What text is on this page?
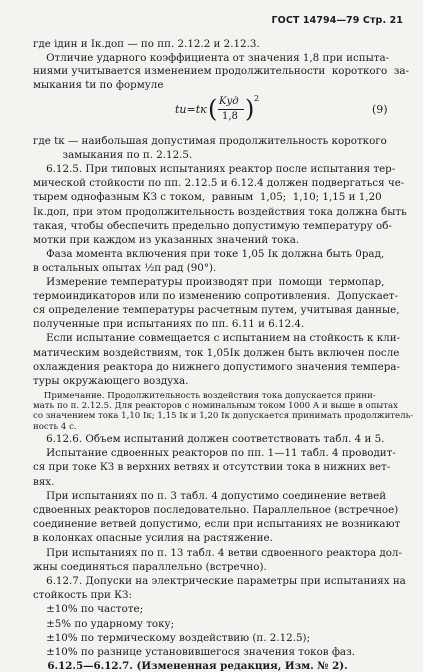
ГОСТ 14794—79 Стр. 21
где iдин и Iк.доп — по пп. 2.12.2 и 2.12.3.
Отличие ударного коэффициента от значения 1,8 при испыта-
ниями учитывается изменением продолжительности  короткого  за-
мыкания tи по формуле
tи=tк ( Kуд
1,8 ) 2
(9)
где tк — наибольшая допустимая продолжительность короткого
замыкания по п. 2.12.5.
6.12.5. При типовых испытаниях реактор после испытания тер-
мической стойкости по пп. 2.12.5 и 6.12.4 должен подвергаться че-
тырем однофазным КЗ с током,  равным  1,05;  1,10; 1,15 и 1,20
Iк.доп, при этом продолжительность воздействия тока должна быть
такая, чтобы обеспечить предельно допустимую температуру об-
мотки при каждом из указанных значений тока.
Фаза момента включения при токе 1,05 Iк должна быть 0рад,
в остальных опытах ½π рад (90°).
Измерение температуры производят при  помощи  термопар,
термоиндикаторов или по изменению сопротивления.  Допускает-
ся определение температуры расчетным путем, учитывая данные,
полученные при испытаниях по пп. 6.11 и 6.12.4.
Если испытание совмещается с испытанием на стойкость к кли-
матическим воздействиям, ток 1,05Iк должен быть включен после
охлаждения реактора до нижнего допустимого значения темпера-
туры окружающего воздуха.
Примечание. Продолжительность воздействия тока допускается прини-
мать по п. 2.12.5. Для реакторов с номинальным током 1000 А и выше в опытах
со значением тока 1,10 Iк; 1,15 Iк и 1,20 Iк допускается принимать продолжитель-
ность 4 с.
6.12.6. Объем испытаний должен соответствовать табл. 4 и 5.
Испытание сдвоенных реакторов по пп. 1—11 табл. 4 проводит-
ся при токе КЗ в верхних ветвях и отсутствии тока в нижних вет-
вях.
При испытаниях по п. 3 табл. 4 допустимо соединение ветвей
сдвоенных реакторов последовательно. Параллельное (встречное)
соединение ветвей допустимо, если при испытаниях не возникают
в колонках опасные усилия на растяжение.
При испытаниях по п. 13 табл. 4 ветви сдвоенного реактора дол-
жны соединяться параллельно (встречно).
6.12.7. Допуски на электрические параметры при испытаниях на
стойкость при КЗ:
±10% по частоте;
±5% по ударному току;
±10% по термическому воздействию (п. 2.12.5);
±10% по разнице установившегося значения токов фаз.
6.12.5—6.12.7. (Измененная редакция, Изм. № 2).
